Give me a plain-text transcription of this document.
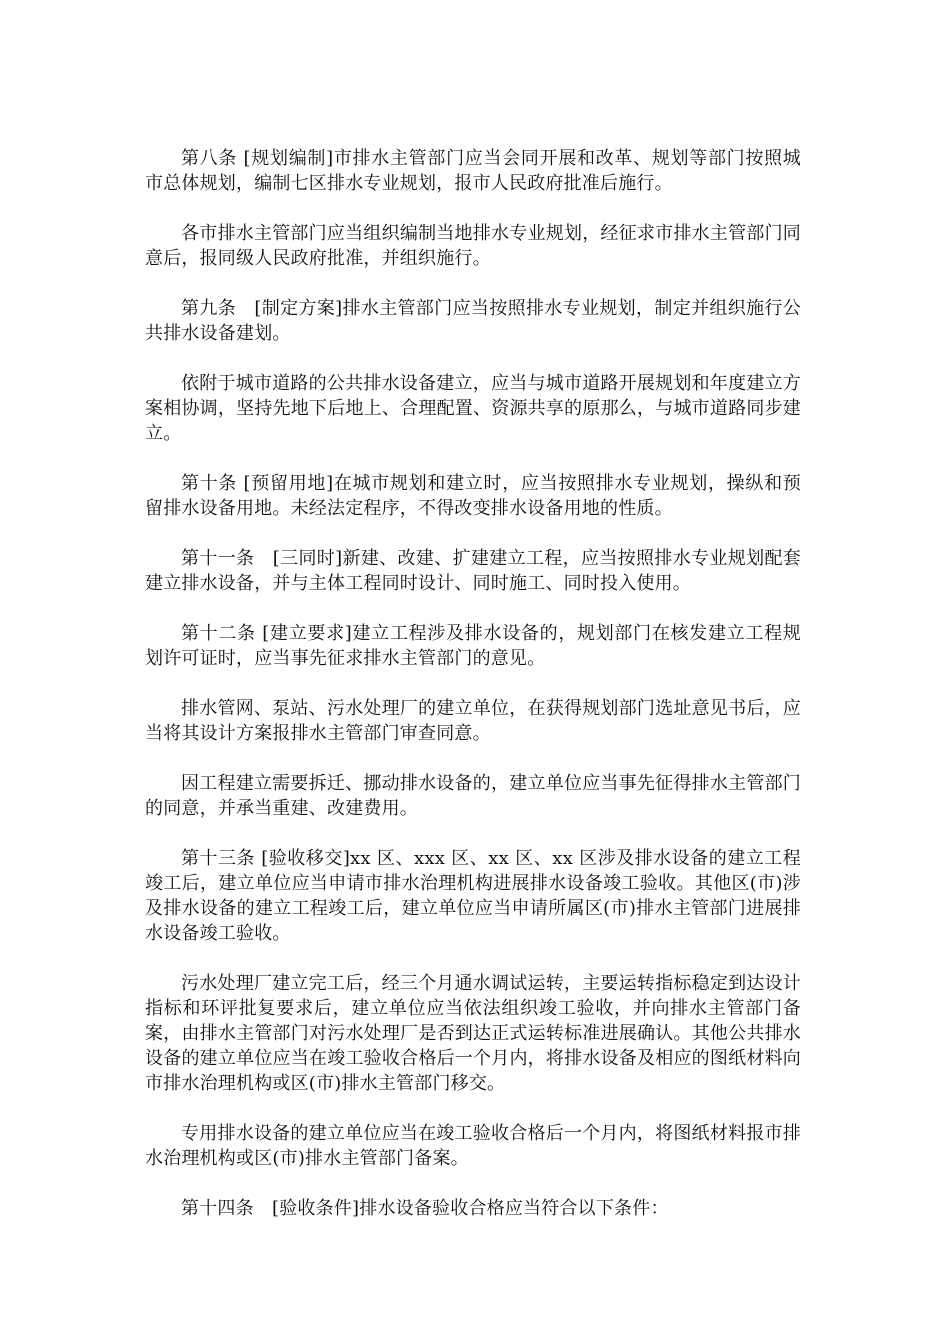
第八条 [规划编制]市排水主管部门应当会同开展和改革、规划等部门按照城市总体规划，编制七区排水专业规划，报市人民政府批准后施行。

各市排水主管部门应当组织编制当地排水专业规划，经征求市排水主管部门同意后，报同级人民政府批准，并组织施行。

第九条　[制定方案]排水主管部门应当按照排水专业规划，制定并组织施行公共排水设备建划。

依附于城市道路的公共排水设备建立，应当与城市道路开展规划和年度建立方案相协调，坚持先地下后地上、合理配置、资源共享的原那么，与城市道路同步建立。

第十条 [预留用地]在城市规划和建立时，应当按照排水专业规划，操纵和预留排水设备用地。未经法定程序，不得改变排水设备用地的性质。

第十一条　[三同时]新建、改建、扩建建立工程，应当按照排水专业规划配套建立排水设备，并与主体工程同时设计、同时施工、同时投入使用。

第十二条 [建立要求]建立工程涉及排水设备的，规划部门在核发建立工程规划许可证时，应当事先征求排水主管部门的意见。

排水管网、泵站、污水处理厂的建立单位，在获得规划部门选址意见书后，应当将其设计方案报排水主管部门审查同意。

因工程建立需要拆迁、挪动排水设备的，建立单位应当事先征得排水主管部门的同意，并承当重建、改建费用。

第十三条 [验收移交]xx 区、xxx 区、xx 区、xx 区涉及排水设备的建立工程竣工后，建立单位应当申请市排水治理机构进展排水设备竣工验收。其他区(市)涉及排水设备的建立工程竣工后，建立单位应当申请所属区(市)排水主管部门进展排水设备竣工验收。

污水处理厂建立完工后，经三个月通水调试运转，主要运转指标稳定到达设计指标和环评批复要求后，建立单位应当依法组织竣工验收，并向排水主管部门备案，由排水主管部门对污水处理厂是否到达正式运转标准进展确认。其他公共排水设备的建立单位应当在竣工验收合格后一个月内，将排水设备及相应的图纸材料向市排水治理机构或区(市)排水主管部门移交。

专用排水设备的建立单位应当在竣工验收合格后一个月内，将图纸材料报市排水治理机构或区(市)排水主管部门备案。

第十四条　[验收条件]排水设备验收合格应当符合以下条件：
